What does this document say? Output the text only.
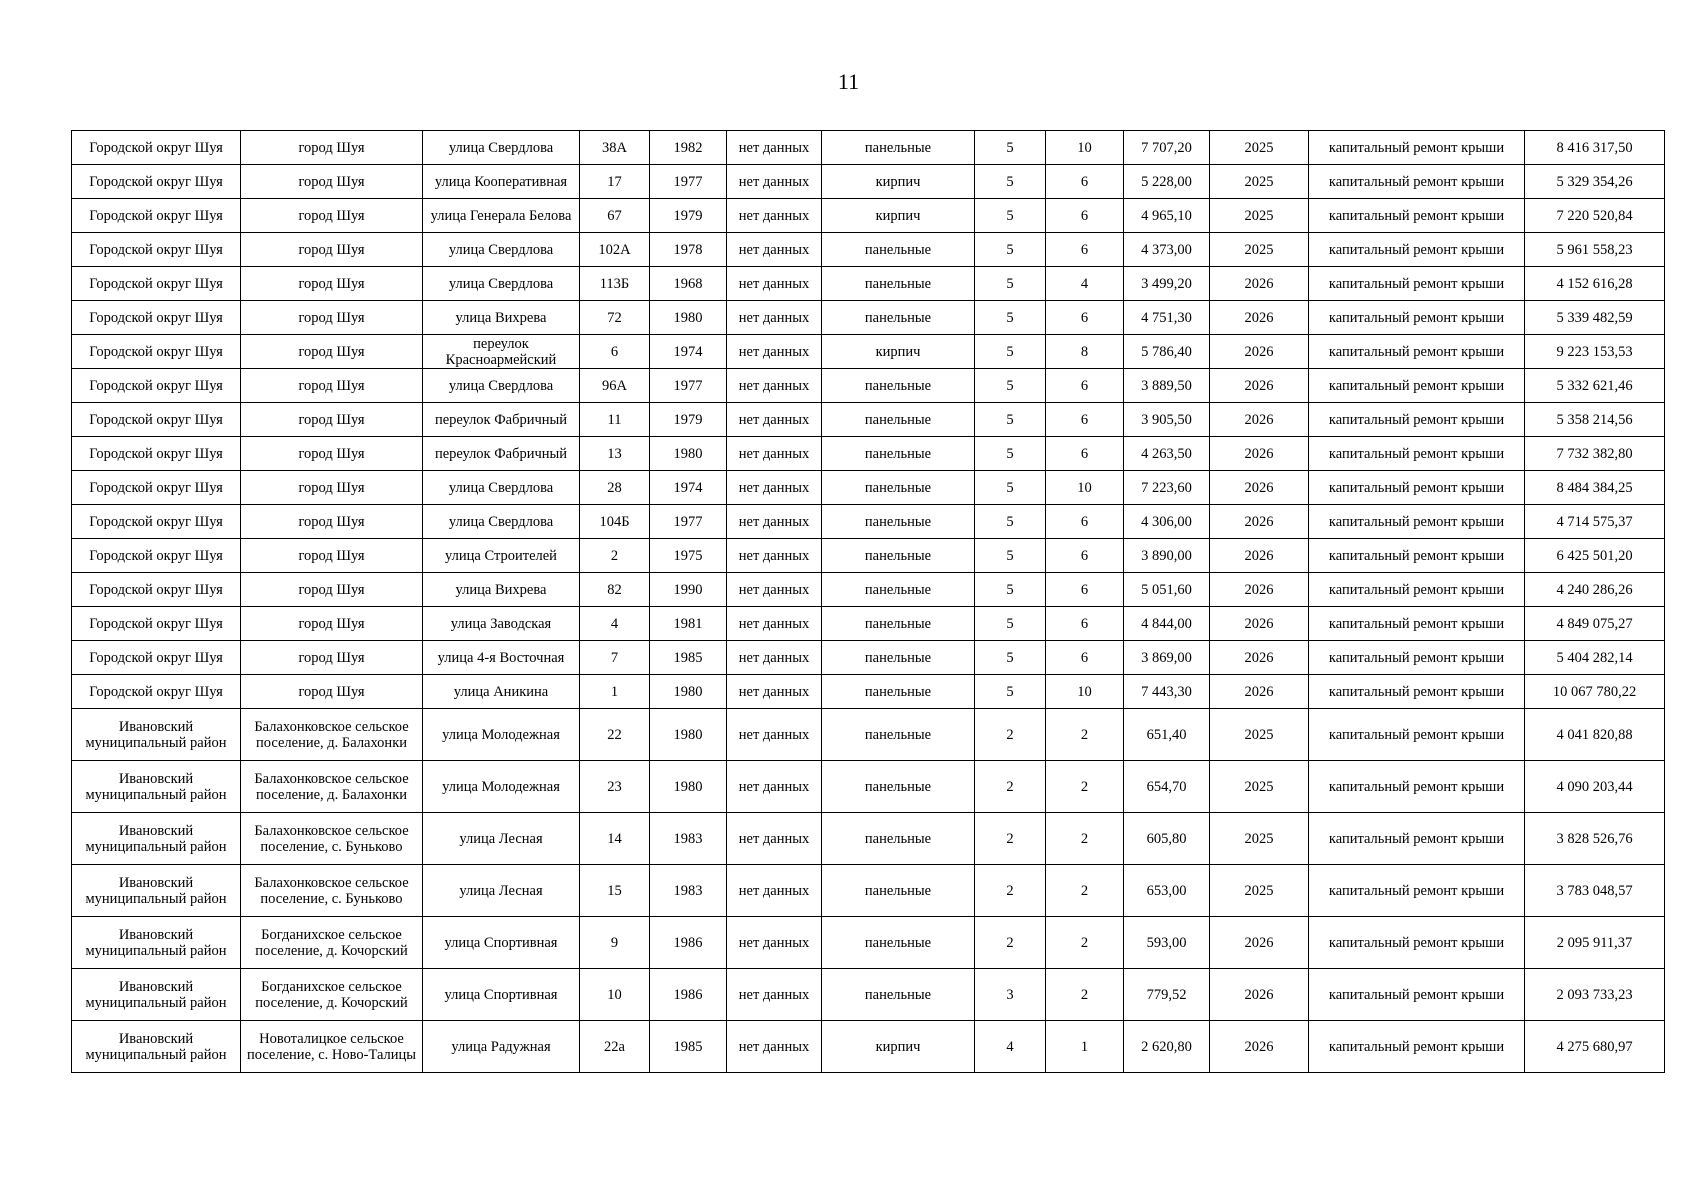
11
Городской округ Шуя	город Шуя	улица Свердлова	38А	1982	нет данных	панельные	5	10	7 707,20	2025	капитальный ремонт крыши	8 416 317,50
Городской округ Шуя	город Шуя	улица Кооперативная	17	1977	нет данных	кирпич	5	6	5 228,00	2025	капитальный ремонт крыши	5 329 354,26
Городской округ Шуя	город Шуя	улица Генерала Белова	67	1979	нет данных	кирпич	5	6	4 965,10	2025	капитальный ремонт крыши	7 220 520,84
Городской округ Шуя	город Шуя	улица Свердлова	102А	1978	нет данных	панельные	5	6	4 373,00	2025	капитальный ремонт крыши	5 961 558,23
Городской округ Шуя	город Шуя	улица Свердлова	113Б	1968	нет данных	панельные	5	4	3 499,20	2026	капитальный ремонт крыши	4 152 616,28
Городской округ Шуя	город Шуя	улица Вихрева	72	1980	нет данных	панельные	5	6	4 751,30	2026	капитальный ремонт крыши	5 339 482,59
Городской округ Шуя	город Шуя	переулок Красноармейский	6	1974	нет данных	кирпич	5	8	5 786,40	2026	капитальный ремонт крыши	9 223 153,53
Городской округ Шуя	город Шуя	улица Свердлова	96А	1977	нет данных	панельные	5	6	3 889,50	2026	капитальный ремонт крыши	5 332 621,46
Городской округ Шуя	город Шуя	переулок Фабричный	11	1979	нет данных	панельные	5	6	3 905,50	2026	капитальный ремонт крыши	5 358 214,56
Городской округ Шуя	город Шуя	переулок Фабричный	13	1980	нет данных	панельные	5	6	4 263,50	2026	капитальный ремонт крыши	7 732 382,80
Городской округ Шуя	город Шуя	улица Свердлова	28	1974	нет данных	панельные	5	10	7 223,60	2026	капитальный ремонт крыши	8 484 384,25
Городской округ Шуя	город Шуя	улица Свердлова	104Б	1977	нет данных	панельные	5	6	4 306,00	2026	капитальный ремонт крыши	4 714 575,37
Городской округ Шуя	город Шуя	улица Строителей	2	1975	нет данных	панельные	5	6	3 890,00	2026	капитальный ремонт крыши	6 425 501,20
Городской округ Шуя	город Шуя	улица Вихрева	82	1990	нет данных	панельные	5	6	5 051,60	2026	капитальный ремонт крыши	4 240 286,26
Городской округ Шуя	город Шуя	улица Заводская	4	1981	нет данных	панельные	5	6	4 844,00	2026	капитальный ремонт крыши	4 849 075,27
Городской округ Шуя	город Шуя	улица 4-я Восточная	7	1985	нет данных	панельные	5	6	3 869,00	2026	капитальный ремонт крыши	5 404 282,14
Городской округ Шуя	город Шуя	улица Аникина	1	1980	нет данных	панельные	5	10	7 443,30	2026	капитальный ремонт крыши	10 067 780,22
Ивановский муниципальный район	Балахонковское сельское поселение, д. Балахонки	улица Молодежная	22	1980	нет данных	панельные	2	2	651,40	2025	капитальный ремонт крыши	4 041 820,88
Ивановский муниципальный район	Балахонковское сельское поселение, д. Балахонки	улица Молодежная	23	1980	нет данных	панельные	2	2	654,70	2025	капитальный ремонт крыши	4 090 203,44
Ивановский муниципальный район	Балахонковское сельское поселение, с. Буньково	улица Лесная	14	1983	нет данных	панельные	2	2	605,80	2025	капитальный ремонт крыши	3 828 526,76
Ивановский муниципальный район	Балахонковское сельское поселение, с. Буньково	улица Лесная	15	1983	нет данных	панельные	2	2	653,00	2025	капитальный ремонт крыши	3 783 048,57
Ивановский муниципальный район	Богданихское сельское поселение, д. Кочорский	улица Спортивная	9	1986	нет данных	панельные	2	2	593,00	2026	капитальный ремонт крыши	2 095 911,37
Ивановский муниципальный район	Богданихское сельское поселение, д. Кочорский	улица Спортивная	10	1986	нет данных	панельные	3	2	779,52	2026	капитальный ремонт крыши	2 093 733,23
Ивановский муниципальный район	Новоталицкое сельское поселение, с. Ново-Талицы	улица Радужная	22а	1985	нет данных	кирпич	4	1	2 620,80	2026	капитальный ремонт крыши	4 275 680,97
